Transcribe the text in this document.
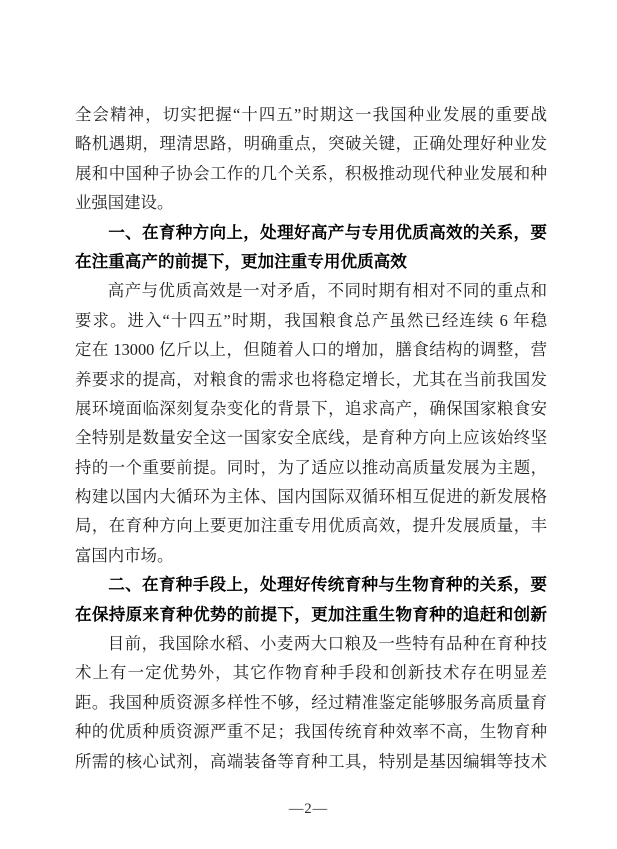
全会精神，切实把握“十四五”时期这一我国种业发展的重要战
略机遇期，理清思路，明确重点，突破关键，正确处理好种业发
展和中国种子协会工作的几个关系，积极推动现代种业发展和种
业强国建设。
一、在育种方向上，处理好高产与专用优质高效的关系，要
在注重高产的前提下，更加注重专用优质高效
高产与优质高效是一对矛盾，不同时期有相对不同的重点和
要求。进入“十四五”时期，我国粮食总产虽然已经连续 6 年稳
定在 13000 亿斤以上，但随着人口的增加，膳食结构的调整，营
养要求的提高，对粮食的需求也将稳定增长，尤其在当前我国发
展环境面临深刻复杂变化的背景下，追求高产，确保国家粮食安
全特别是数量安全这一国家安全底线，是育种方向上应该始终坚
持的一个重要前提。同时，为了适应以推动高质量发展为主题，
构建以国内大循环为主体、国内国际双循环相互促进的新发展格
局，在育种方向上要更加注重专用优质高效，提升发展质量，丰
富国内市场。
二、在育种手段上，处理好传统育种与生物育种的关系，要
在保持原来育种优势的前提下，更加注重生物育种的追赶和创新
目前，我国除水稻、小麦两大口粮及一些特有品种在育种技
术上有一定优势外，其它作物育种手段和创新技术存在明显差
距。我国种质资源多样性不够，经过精准鉴定能够服务高质量育
种的优质种质资源严重不足；我国传统育种效率不高，生物育种
所需的核心试剂，高端装备等育种工具，特别是基因编辑等技术
—2—
